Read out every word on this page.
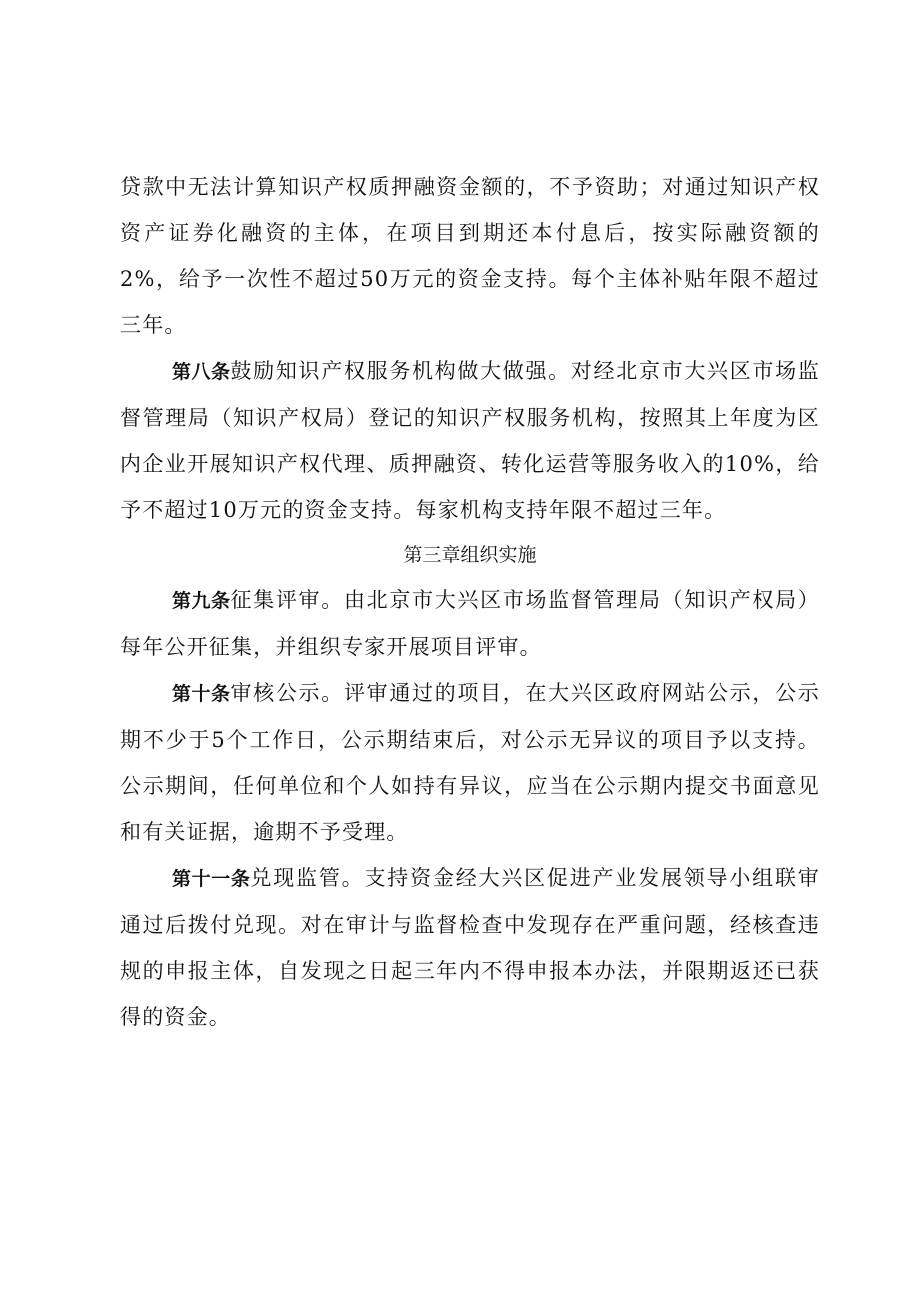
贷款中无法计算知识产权质押融资金额的，不予资助；对通过知识产权资产证券化融资的主体，在项目到期还本付息后，按实际融资额的2%，给予一次性不超过50万元的资金支持。每个主体补贴年限不超过三年。

第八条鼓励知识产权服务机构做大做强。对经北京市大兴区市场监督管理局（知识产权局）登记的知识产权服务机构，按照其上年度为区内企业开展知识产权代理、质押融资、转化运营等服务收入的10%，给予不超过10万元的资金支持。每家机构支持年限不超过三年。

第三章组织实施

第九条征集评审。由北京市大兴区市场监督管理局（知识产权局）每年公开征集，并组织专家开展项目评审。

第十条审核公示。评审通过的项目，在大兴区政府网站公示，公示期不少于5个工作日，公示期结束后，对公示无异议的项目予以支持。公示期间，任何单位和个人如持有异议，应当在公示期内提交书面意见和有关证据，逾期不予受理。

第十一条兑现监管。支持资金经大兴区促进产业发展领导小组联审通过后拨付兑现。对在审计与监督检查中发现存在严重问题，经核查违规的申报主体，自发现之日起三年内不得申报本办法，并限期返还已获得的资金。
